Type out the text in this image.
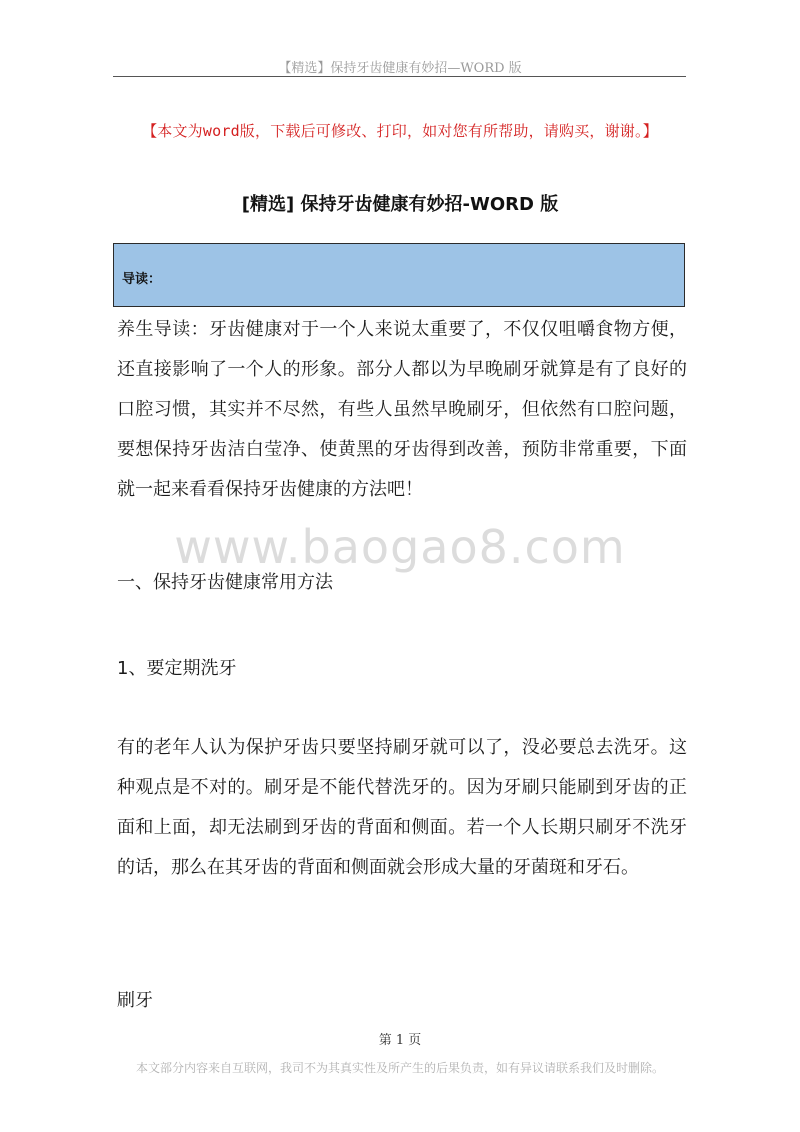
【精选】保持牙齿健康有妙招—WORD 版
【本文为word版，下载后可修改、打印，如对您有所帮助，请购买，谢谢。】
[精选] 保持牙齿健康有妙招-WORD 版
导读：
养生导读：牙齿健康对于一个人来说太重要了，不仅仅咀嚼食物方便，还直接影响了一个人的形象。部分人都以为早晚刷牙就算是有了良好的口腔习惯，其实并不尽然，有些人虽然早晚刷牙，但依然有口腔问题，要想保持牙齿洁白莹净、使黄黑的牙齿得到改善，预防非常重要，下面就一起来看看保持牙齿健康的方法吧！
www.baogao8.com
一、保持牙齿健康常用方法
1、要定期洗牙
有的老年人认为保护牙齿只要坚持刷牙就可以了，没必要总去洗牙。这种观点是不对的。刷牙是不能代替洗牙的。因为牙刷只能刷到牙齿的正面和上面，却无法刷到牙齿的背面和侧面。若一个人长期只刷牙不洗牙的话，那么在其牙齿的背面和侧面就会形成大量的牙菌斑和牙石。
刷牙
第 1 页
本文部分内容来自互联网，我司不为其真实性及所产生的后果负责，如有异议请联系我们及时删除。
